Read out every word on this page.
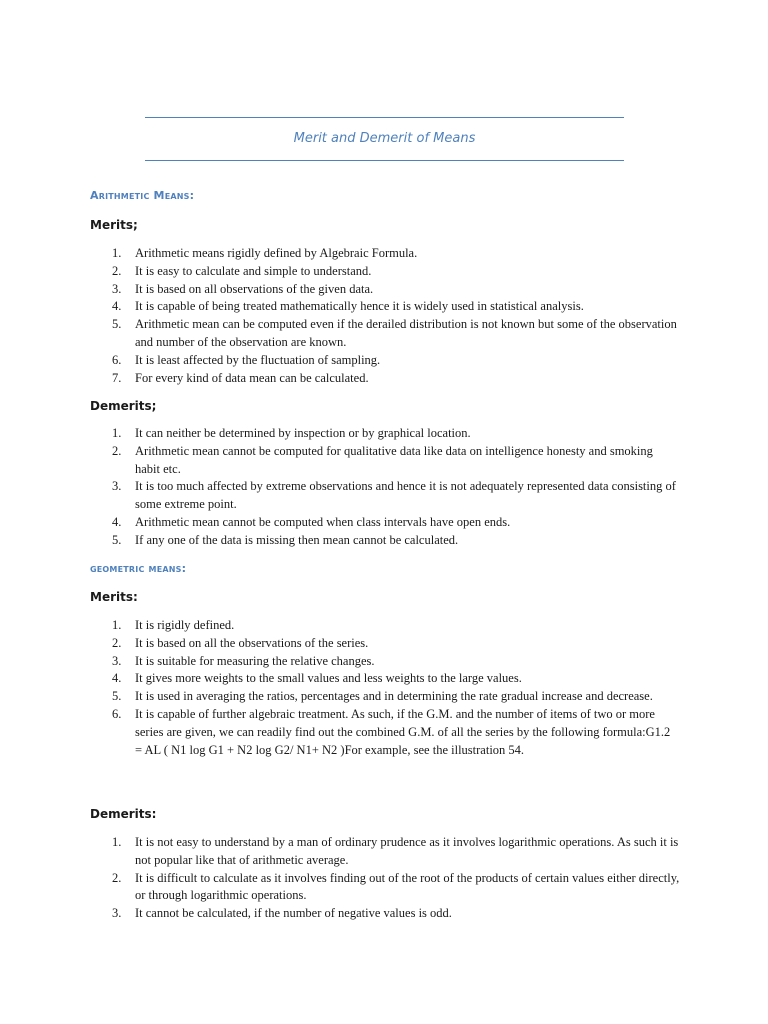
Merit and Demerit of Means
Arithmetic Means:
Merits;
1. Arithmetic means rigidly defined by Algebraic Formula.
2. It is easy to calculate and simple to understand.
3. It is based on all observations of the given data.
4. It is capable of being treated mathematically hence it is widely used in statistical analysis.
5. Arithmetic mean can be computed even if the derailed distribution is not known but some of the observation and number of the observation are known.
6. It is least affected by the fluctuation of sampling.
7. For every kind of data mean can be calculated.
Demerits;
1. It can neither be determined by inspection or by graphical location.
2. Arithmetic mean cannot be computed for qualitative data like data on intelligence honesty and smoking habit etc.
3. It is too much affected by extreme observations and hence it is not adequately represented data consisting of some extreme point.
4. Arithmetic mean cannot be computed when class intervals have open ends.
5. If any one of the data is missing then mean cannot be calculated.
geometric means:
Merits:
1. It is rigidly defined.
2. It is based on all the observations of the series.
3. It is suitable for measuring the relative changes.
4. It gives more weights to the small values and less weights to the large values.
5. It is used in averaging the ratios, percentages and in determining the rate gradual increase and decrease.
6. It is capable of further algebraic treatment. As such, if the G.M. and the number of items of two or more series are given, we can readily find out the combined G.M. of all the series by the following formula:G1.2 = AL ( N1 log G1 + N2 log G2/ N1+ N2 )For example, see the illustration 54.
Demerits:
1. It is not easy to understand by a man of ordinary prudence as it involves logarithmic operations. As such it is not popular like that of arithmetic average.
2. It is difficult to calculate as it involves finding out of the root of the products of certain values either directly, or through logarithmic operations.
3. It cannot be calculated, if the number of negative values is odd.
